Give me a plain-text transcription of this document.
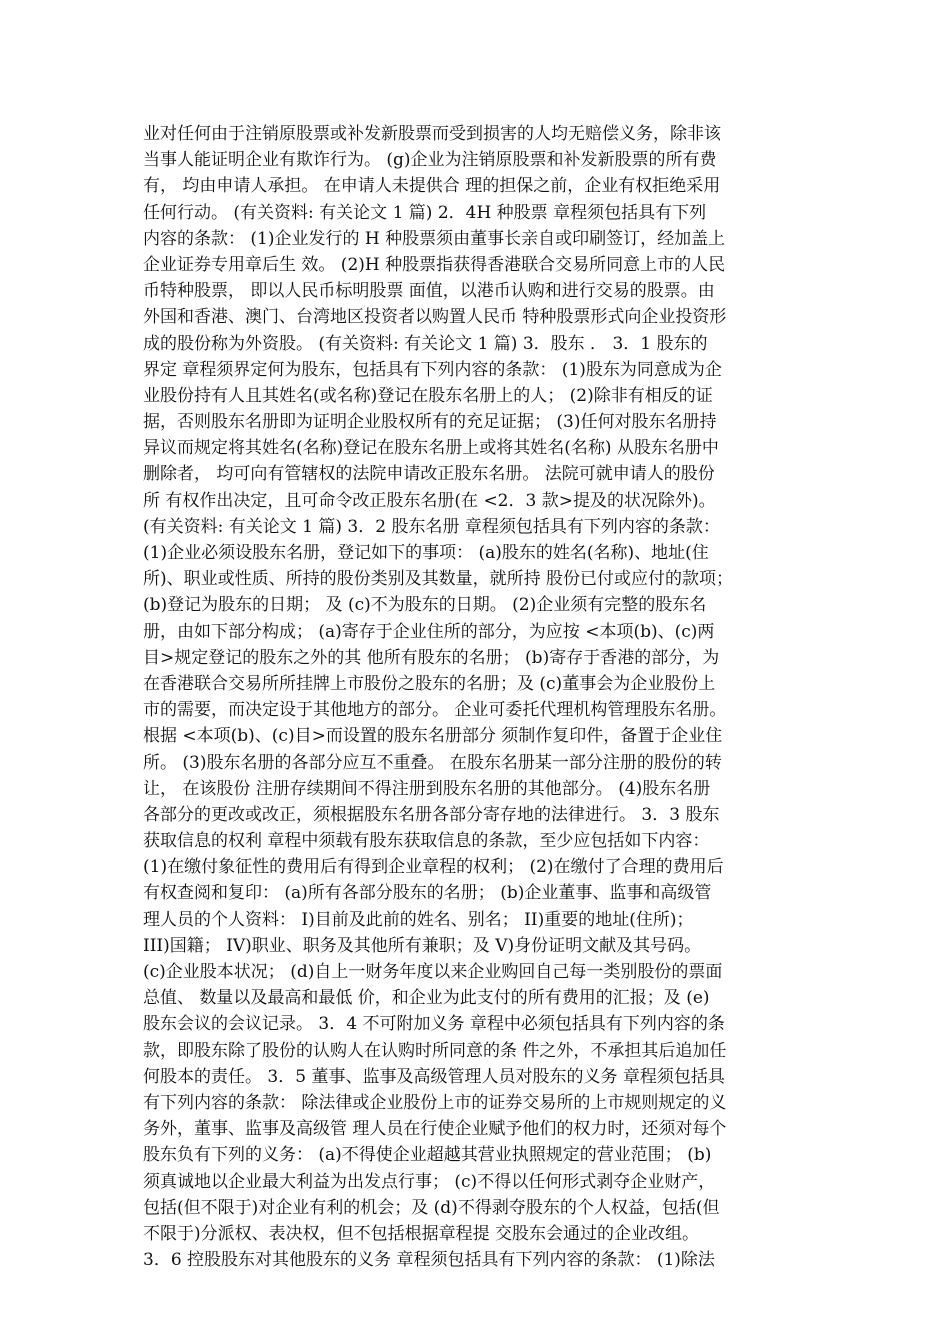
业对任何由于注销原股票或补发新股票而受到损害的人均无赔偿义务，除非该
当事人能证明企业有欺诈行为。 (g)企业为注销原股票和补发新股票的所有费
有， 均由申请人承担。 在申请人未提供合 理的担保之前，企业有权拒绝采用
任何行动。 (有关资料: 有关论文 1 篇) 2．4H 种股票 章程须包括具有下列
内容的条款： (1)企业发行的 H 种股票须由董事长亲自或印刷签订，经加盖上
企业证券专用章后生 效。 (2)H 种股票指获得香港联合交易所同意上市的人民
币特种股票， 即以人民币标明股票 面值，以港币认购和进行交易的股票。由
外国和香港、澳门、台湾地区投资者以购置人民币 特种股票形式向企业投资形
成的股份称为外资股。 (有关资料: 有关论文 1 篇) 3．股东 ． 3．1 股东的
界定 章程须界定何为股东，包括具有下列内容的条款： (1)股东为同意成为企
业股份持有人且其姓名(或名称)登记在股东名册上的人； (2)除非有相反的证
据，否则股东名册即为证明企业股权所有的充足证据； (3)任何对股东名册持
异议而规定将其姓名(名称)登记在股东名册上或将其姓名(名称) 从股东名册中
删除者， 均可向有管辖权的法院申请改正股东名册。 法院可就申请人的股份
所 有权作出决定，且可命令改正股东名册(在 <2．3 款>提及的状况除外)。
(有关资料: 有关论文 1 篇) 3．2 股东名册 章程须包括具有下列内容的条款：
(1)企业必须设股东名册，登记如下的事项： (a)股东的姓名(名称)、地址(住
所)、职业或性质、所持的股份类别及其数量，就所持 股份已付或应付的款项；
(b)登记为股东的日期； 及 (c)不为股东的日期。 (2)企业须有完整的股东名
册，由如下部分构成； (a)寄存于企业住所的部分，为应按 <本项(b)、(c)两
目>规定登记的股东之外的其 他所有股东的名册； (b)寄存于香港的部分，为
在香港联合交易所所挂牌上市股份之股东的名册；及 (c)董事会为企业股份上
市的需要，而决定设于其他地方的部分。 企业可委托代理机构管理股东名册。
根据 <本项(b)、(c)目>而设置的股东名册部分 须制作复印件，备置于企业住
所。 (3)股东名册的各部分应互不重叠。 在股东名册某一部分注册的股份的转
让， 在该股份 注册存续期间不得注册到股东名册的其他部分。 (4)股东名册
各部分的更改或改正，须根据股东名册各部分寄存地的法律进行。 3．3 股东
获取信息的权利 章程中须载有股东获取信息的条款，至少应包括如下内容：
(1)在缴付象征性的费用后有得到企业章程的权利； (2)在缴付了合理的费用后
有权查阅和复印： (a)所有各部分股东的名册； (b)企业董事、监事和高级管
理人员的个人资料： I)目前及此前的姓名、别名； II)重要的地址(住所)；
III)国籍； IV)职业、职务及其他所有兼职；及 V)身份证明文献及其号码。
(c)企业股本状况； (d)自上一财务年度以来企业购回自己每一类别股份的票面
总值、 数量以及最高和最低 价，和企业为此支付的所有费用的汇报；及 (e)
股东会议的会议记录。 3．4 不可附加义务 章程中必须包括具有下列内容的条
款，即股东除了股份的认购人在认购时所同意的条 件之外，不承担其后追加任
何股本的责任。 3．5 董事、监事及高级管理人员对股东的义务 章程须包括具
有下列内容的条款： 除法律或企业股份上市的证券交易所的上市规则规定的义
务外，董事、监事及高级管 理人员在行使企业赋予他们的权力时，还须对每个
股东负有下列的义务： (a)不得使企业超越其营业执照规定的营业范围； (b)
须真诚地以企业最大利益为出发点行事； (c)不得以任何形式剥夺企业财产，
包括(但不限于)对企业有利的机会；及 (d)不得剥夺股东的个人权益，包括(但
不限于)分派权、表决权，但不包括根据章程提 交股东会通过的企业改组。
3．6 控股股东对其他股东的义务 章程须包括具有下列内容的条款： (1)除法
